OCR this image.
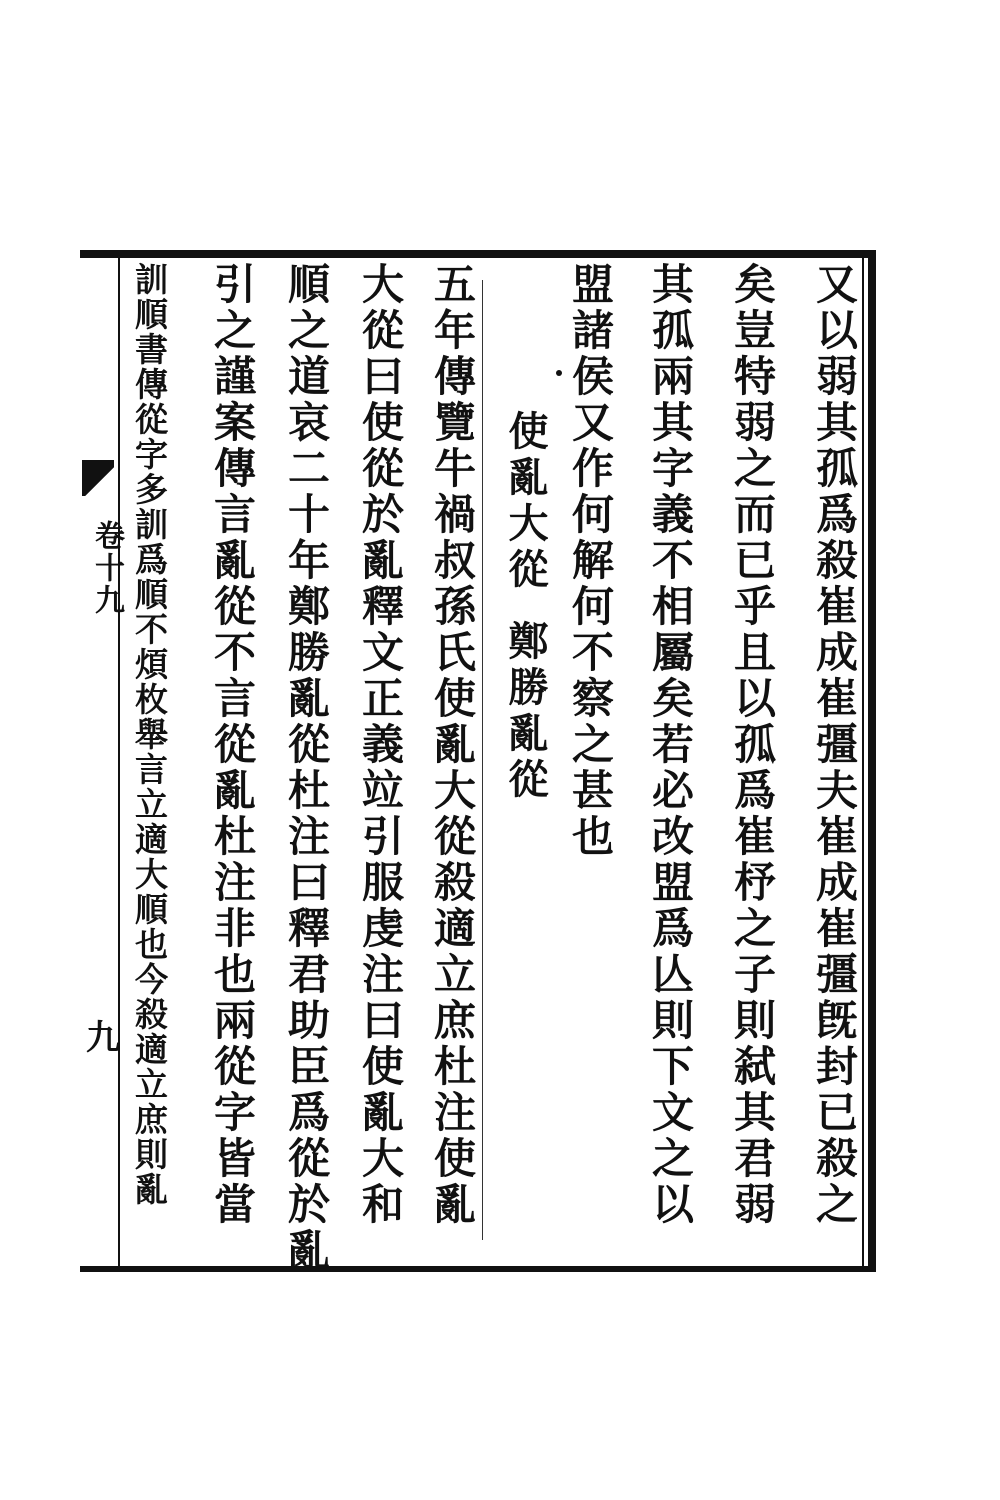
卷十九
九	又以弱其孤爲殺崔成崔彊夫崔成崔彊旣封已殺之
矣豈特弱之而已乎且以孤爲崔杼之子則弑其君弱
其孤兩其字義不相屬矣若必改盟爲亾則下文之以
盟諸侯又作何解何不察之甚也
使亂大從
鄭勝亂從
五年傳覽牛禍叔孫氏使亂大從殺適立庶杜注使亂
大從曰使從於亂釋文正義竝引服虔注曰使亂大和
順之道哀二十年鄭勝亂從杜注曰釋君助臣爲從於亂
引之謹案傳言亂從不言從亂杜注非也兩從字皆當
訓順書傳從字多訓爲順不煩枚舉言立適大順也今殺適立庶則亂
